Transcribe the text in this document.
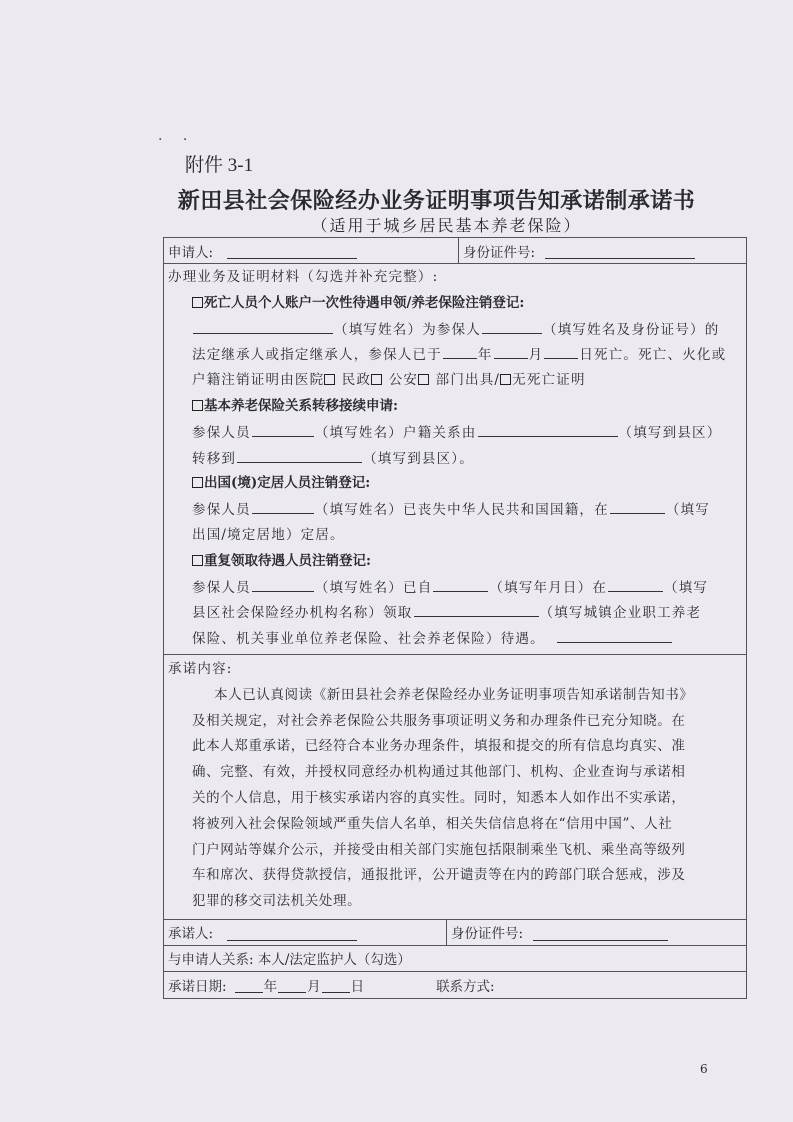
. .
附件 3-1
新田县社会保险经办业务证明事项告知承诺制承诺书
（适用于城乡居民基本养老保险）
申请人:	身份证件号:
办理业务及证明材料（勾选并补充完整）:
死亡人员个人账户一次性待遇申领/养老保险注销登记:
（填写姓名）为参保人	（填写姓名及身份证号）的
法定继承人或指定继承人，参保人已于	年	月	日死亡。死亡、火化或
户籍注销证明由医院 民政 公安 部门出具/ 无死亡证明
基本养老保险关系转移接续申请:
参保人员	（填写姓名）户籍关系由	（填写到县区）
转移到	（填写到县区）。
出国(境)定居人员注销登记:
参保人员	（填写姓名）已丧失中华人民共和国国籍，在	（填写
出国/境定居地）定居。
重复领取待遇人员注销登记:
参保人员	（填写姓名）已自	（填写年月日）在	（填写
县区社会保险经办机构名称）领取	（填写城镇企业职工养老
保险、机关事业单位养老保险、社会养老保险）待遇。
承诺内容:
本人已认真阅读《新田县社会养老保险经办业务证明事项告知承诺制告知书》
及相关规定，对社会养老保险公共服务事项证明义务和办理条件已充分知晓。在
此本人郑重承诺，已经符合本业务办理条件，填报和提交的所有信息均真实、准
确、完整、有效，并授权同意经办机构通过其他部门、机构、企业查询与承诺相
关的个人信息，用于核实承诺内容的真实性。同时，知悉本人如作出不实承诺，
将被列入社会保险领域严重失信人名单，相关失信信息将在“信用中国”、人社
门户网站等媒介公示，并接受由相关部门实施包括限制乘坐飞机、乘坐高等级列
车和席次、获得贷款授信，通报批评，公开谴责等在内的跨部门联合惩戒，涉及
犯罪的移交司法机关处理。
承诺人:	身份证件号:
与申请人关系: 本人/法定监护人（勾选）
承诺日期:	年 月 日	联系方式:
6
